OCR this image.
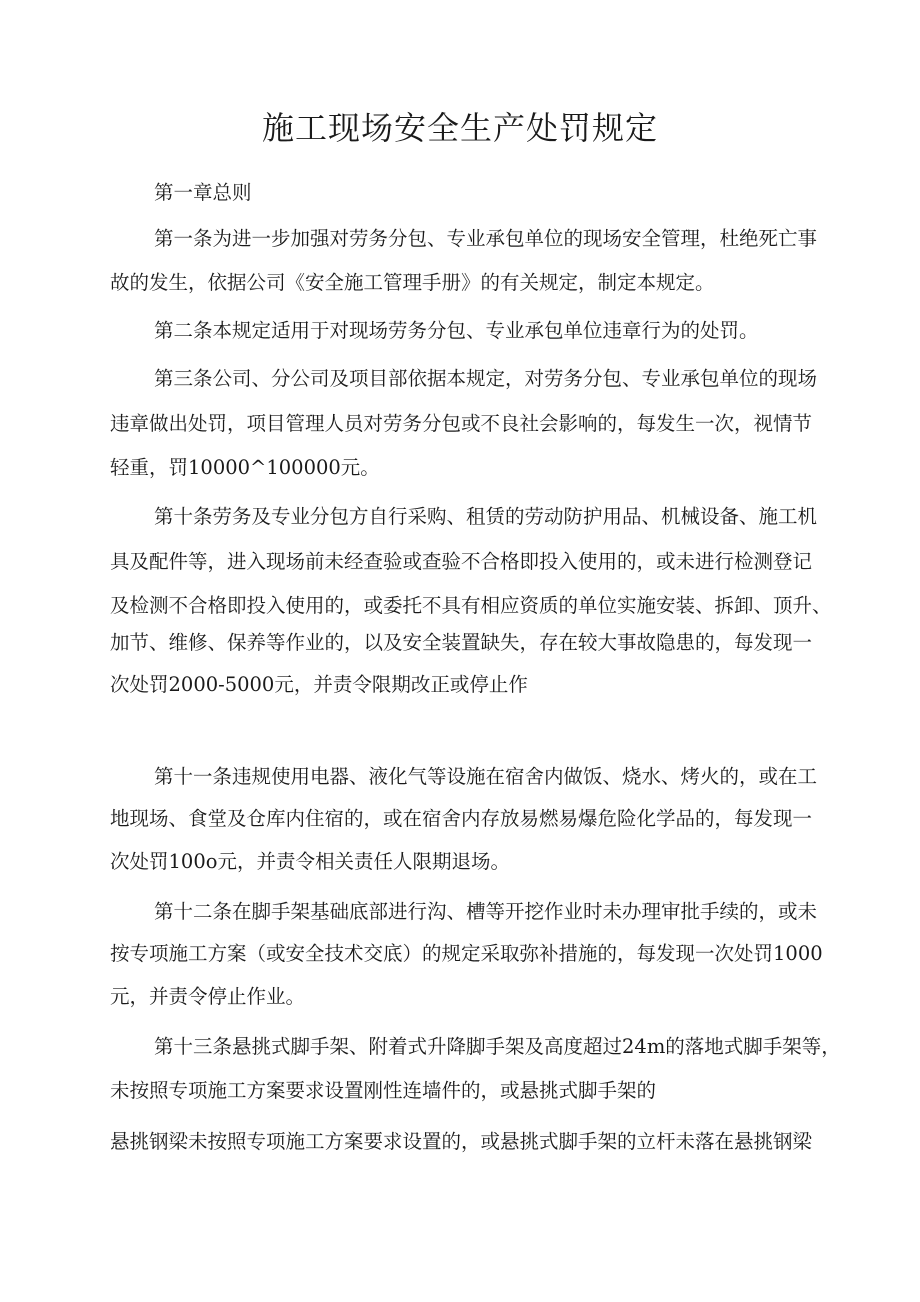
施工现场安全生产处罚规定
第一章总则
第一条为进一步加强对劳务分包、专业承包单位的现场安全管理，杜绝死亡事
故的发生，依据公司《安全施工管理手册》的有关规定，制定本规定。
第二条本规定适用于对现场劳务分包、专业承包单位违章行为的处罚。
第三条公司、分公司及项目部依据本规定，对劳务分包、专业承包单位的现场
违章做出处罚，项目管理人员对劳务分包或不良社会影响的，每发生一次，视情节
轻重，罚10000^100000元。
第十条劳务及专业分包方自行采购、租赁的劳动防护用品、机械设备、施工机
具及配件等，进入现场前未经查验或查验不合格即投入使用的，或未进行检测登记
及检测不合格即投入使用的，或委托不具有相应资质的单位实施安装、拆卸、顶升、
加节、维修、保养等作业的，以及安全装置缺失，存在较大事故隐患的，每发现一
次处罚2000-5000元，并责令限期改正或停止作
第十一条违规使用电器、液化气等设施在宿舍内做饭、烧水、烤火的，或在工
地现场、食堂及仓库内住宿的，或在宿舍内存放易燃易爆危险化学品的，每发现一
次处罚100o元，并责令相关责任人限期退场。
第十二条在脚手架基础底部进行沟、槽等开挖作业时未办理审批手续的，或未
按专项施工方案（或安全技术交底）的规定采取弥补措施的，每发现一次处罚1000
元，并责令停止作业。
第十三条悬挑式脚手架、附着式升降脚手架及高度超过24m的落地式脚手架等，
未按照专项施工方案要求设置刚性连墙件的，或悬挑式脚手架的
悬挑钢梁未按照专项施工方案要求设置的，或悬挑式脚手架的立杆未落在悬挑钢梁
